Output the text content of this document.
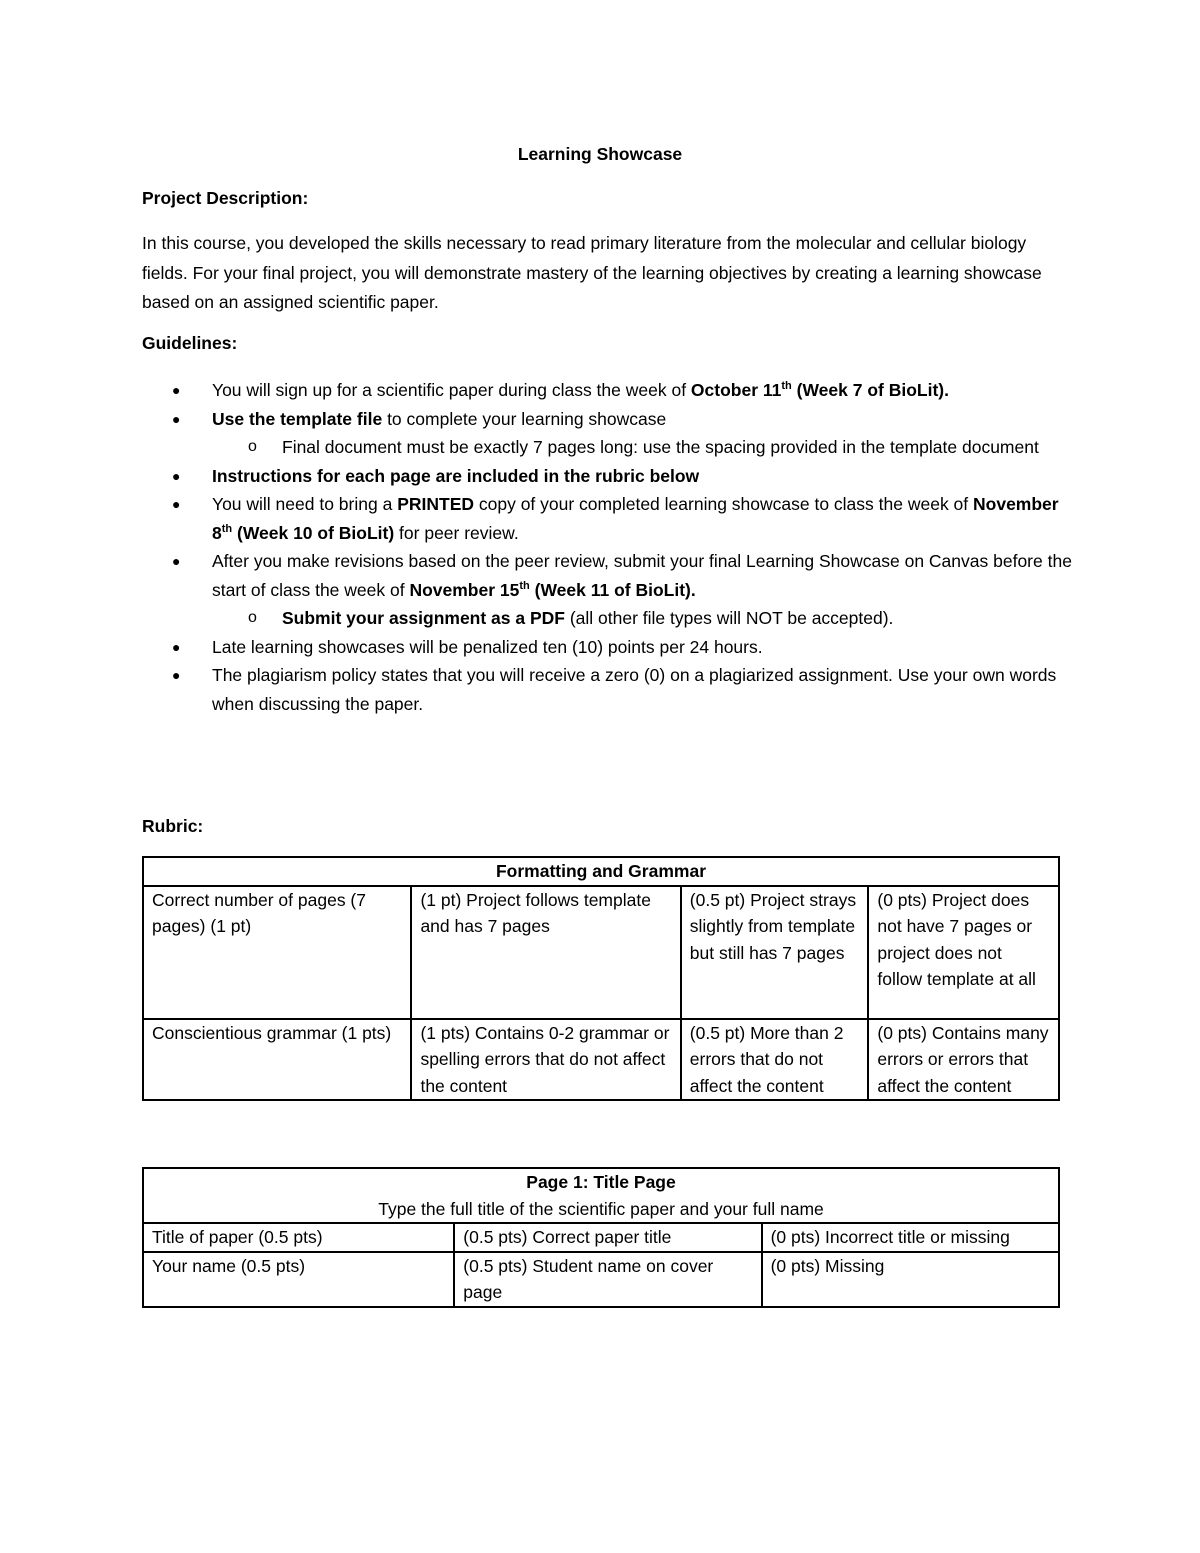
Learning Showcase
Project Description:
In this course, you developed the skills necessary to read primary literature from the molecular and cellular biology fields. For your final project, you will demonstrate mastery of the learning objectives by creating a learning showcase based on an assigned scientific paper.
Guidelines:
● You will sign up for a scientific paper during class the week of October 11th (Week 7 of BioLit).
● Use the template file to complete your learning showcase
o Final document must be exactly 7 pages long: use the spacing provided in the template document
● Instructions for each page are included in the rubric below
● You will need to bring a PRINTED copy of your completed learning showcase to class the week of November 8th (Week 10 of BioLit) for peer review.
● After you make revisions based on the peer review, submit your final Learning Showcase on Canvas before the start of class the week of November 15th (Week 11 of BioLit).
o Submit your assignment as a PDF (all other file types will NOT be accepted).
● Late learning showcases will be penalized ten (10) points per 24 hours.
● The plagiarism policy states that you will receive a zero (0) on a plagiarized assignment. Use your own words when discussing the paper.
Rubric:
Formatting and Grammar			
Correct number of pages (7 pages) (1 pt)	(1 pt) Project follows template and has 7 pages	(0.5 pt) Project strays slightly from template but still has 7 pages	(0 pts) Project does not have 7 pages or project does not follow template at all
Conscientious grammar (1 pts)	(1 pts) Contains 0-2 grammar or spelling errors that do not affect the content	(0.5 pt) More than 2 errors that do not affect the content	(0 pts) Contains many errors or errors that affect the content
Page 1: Title Page
Type the full title of the scientific paper and your full name		

Title of paper (0.5 pts)	(0.5 pts) Correct paper title	(0 pts) Incorrect title or missing
Your name (0.5 pts)	(0.5 pts) Student name on cover page	(0 pts) Missing
